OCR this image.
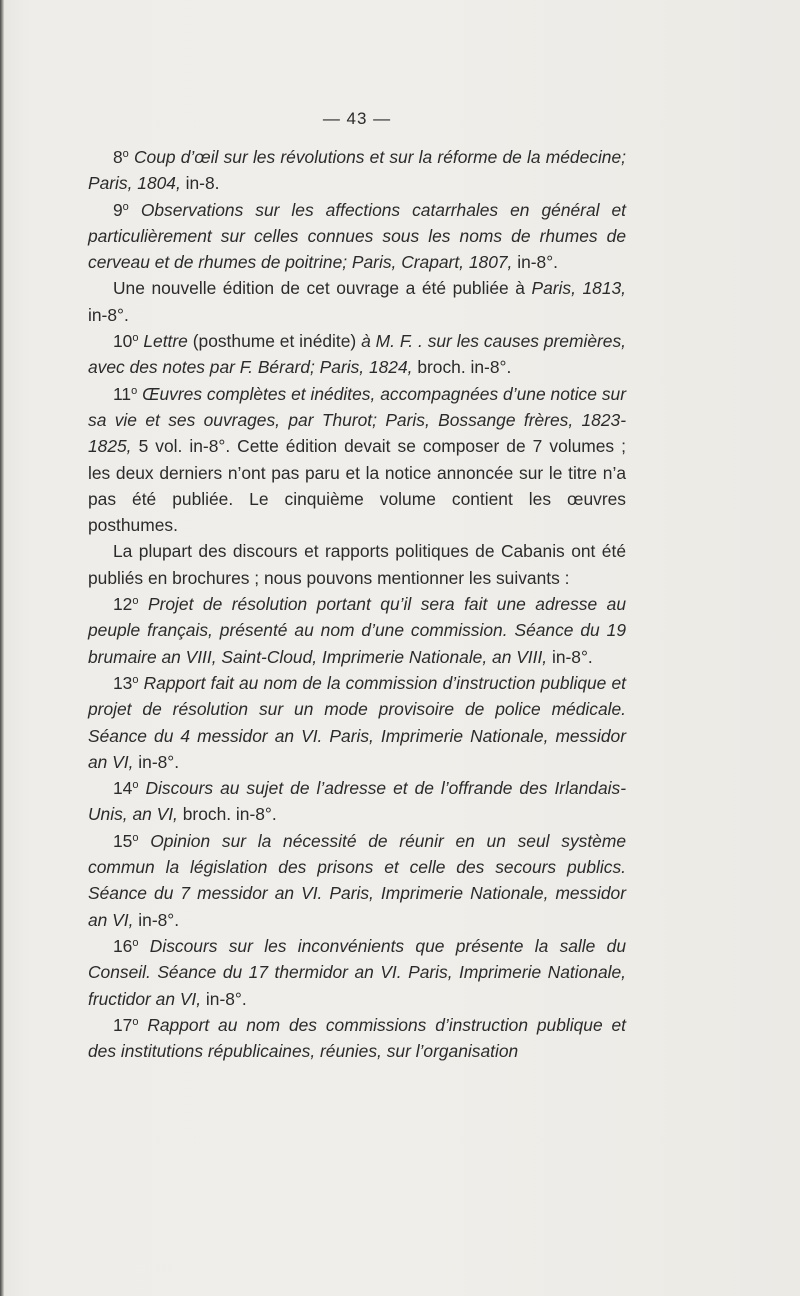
— 43 —

8$^o$ Coup d’œil sur les révolutions et sur la réforme de la médecine; Paris, 1804, in-8.

9$^o$ Observations sur les affections catarrhales en général et particulièrement sur celles connues sous les noms de rhumes de cerveau et de rhumes de poitrine; Paris, Crapart, 1807, in-8°.

Une nouvelle édition de cet ouvrage a été publiée à Paris, 1813, in-8°.

10$^o$ Lettre (posthume et inédite) à M. F. . sur les causes premières, avec des notes par F. Bérard; Paris, 1824, broch. in-8°.

11$^o$ Œuvres complètes et inédites, accompagnées d’une notice sur sa vie et ses ouvrages, par Thurot; Paris, Bossange frères, 1823-1825, 5 vol. in-8°. Cette édition devait se composer de 7 volumes ; les deux derniers n’ont pas paru et la notice annoncée sur le titre n’a pas été publiée. Le cinquième volume contient les œuvres posthumes.

La plupart des discours et rapports politiques de Cabanis ont été publiés en brochures ; nous pouvons mentionner les suivants :

12$^o$ Projet de résolution portant qu’il sera fait une adresse au peuple français, présenté au nom d’une commission. Séance du 19 brumaire an VIII, Saint-Cloud, Imprimerie Nationale, an VIII, in-8°.

13$^o$ Rapport fait au nom de la commission d’instruction publique et projet de résolution sur un mode provisoire de police médicale. Séance du 4 messidor an VI. Paris, Imprimerie Nationale, messidor an VI, in-8°.

14$^o$ Discours au sujet de l’adresse et de l’offrande des Irlandais-Unis, an VI, broch. in-8°.

15$^o$ Opinion sur la nécessité de réunir en un seul système commun la législation des prisons et celle des secours publics. Séance du 7 messidor an VI. Paris, Imprimerie Nationale, messidor an VI, in-8°.

16$^o$ Discours sur les inconvénients que présente la salle du Conseil. Séance du 17 thermidor an VI. Paris, Imprimerie Nationale, fructidor an VI, in-8°.

17$^o$ Rapport au nom des commissions d’instruction publique et des institutions républicaines, réunies, sur l’organisation
